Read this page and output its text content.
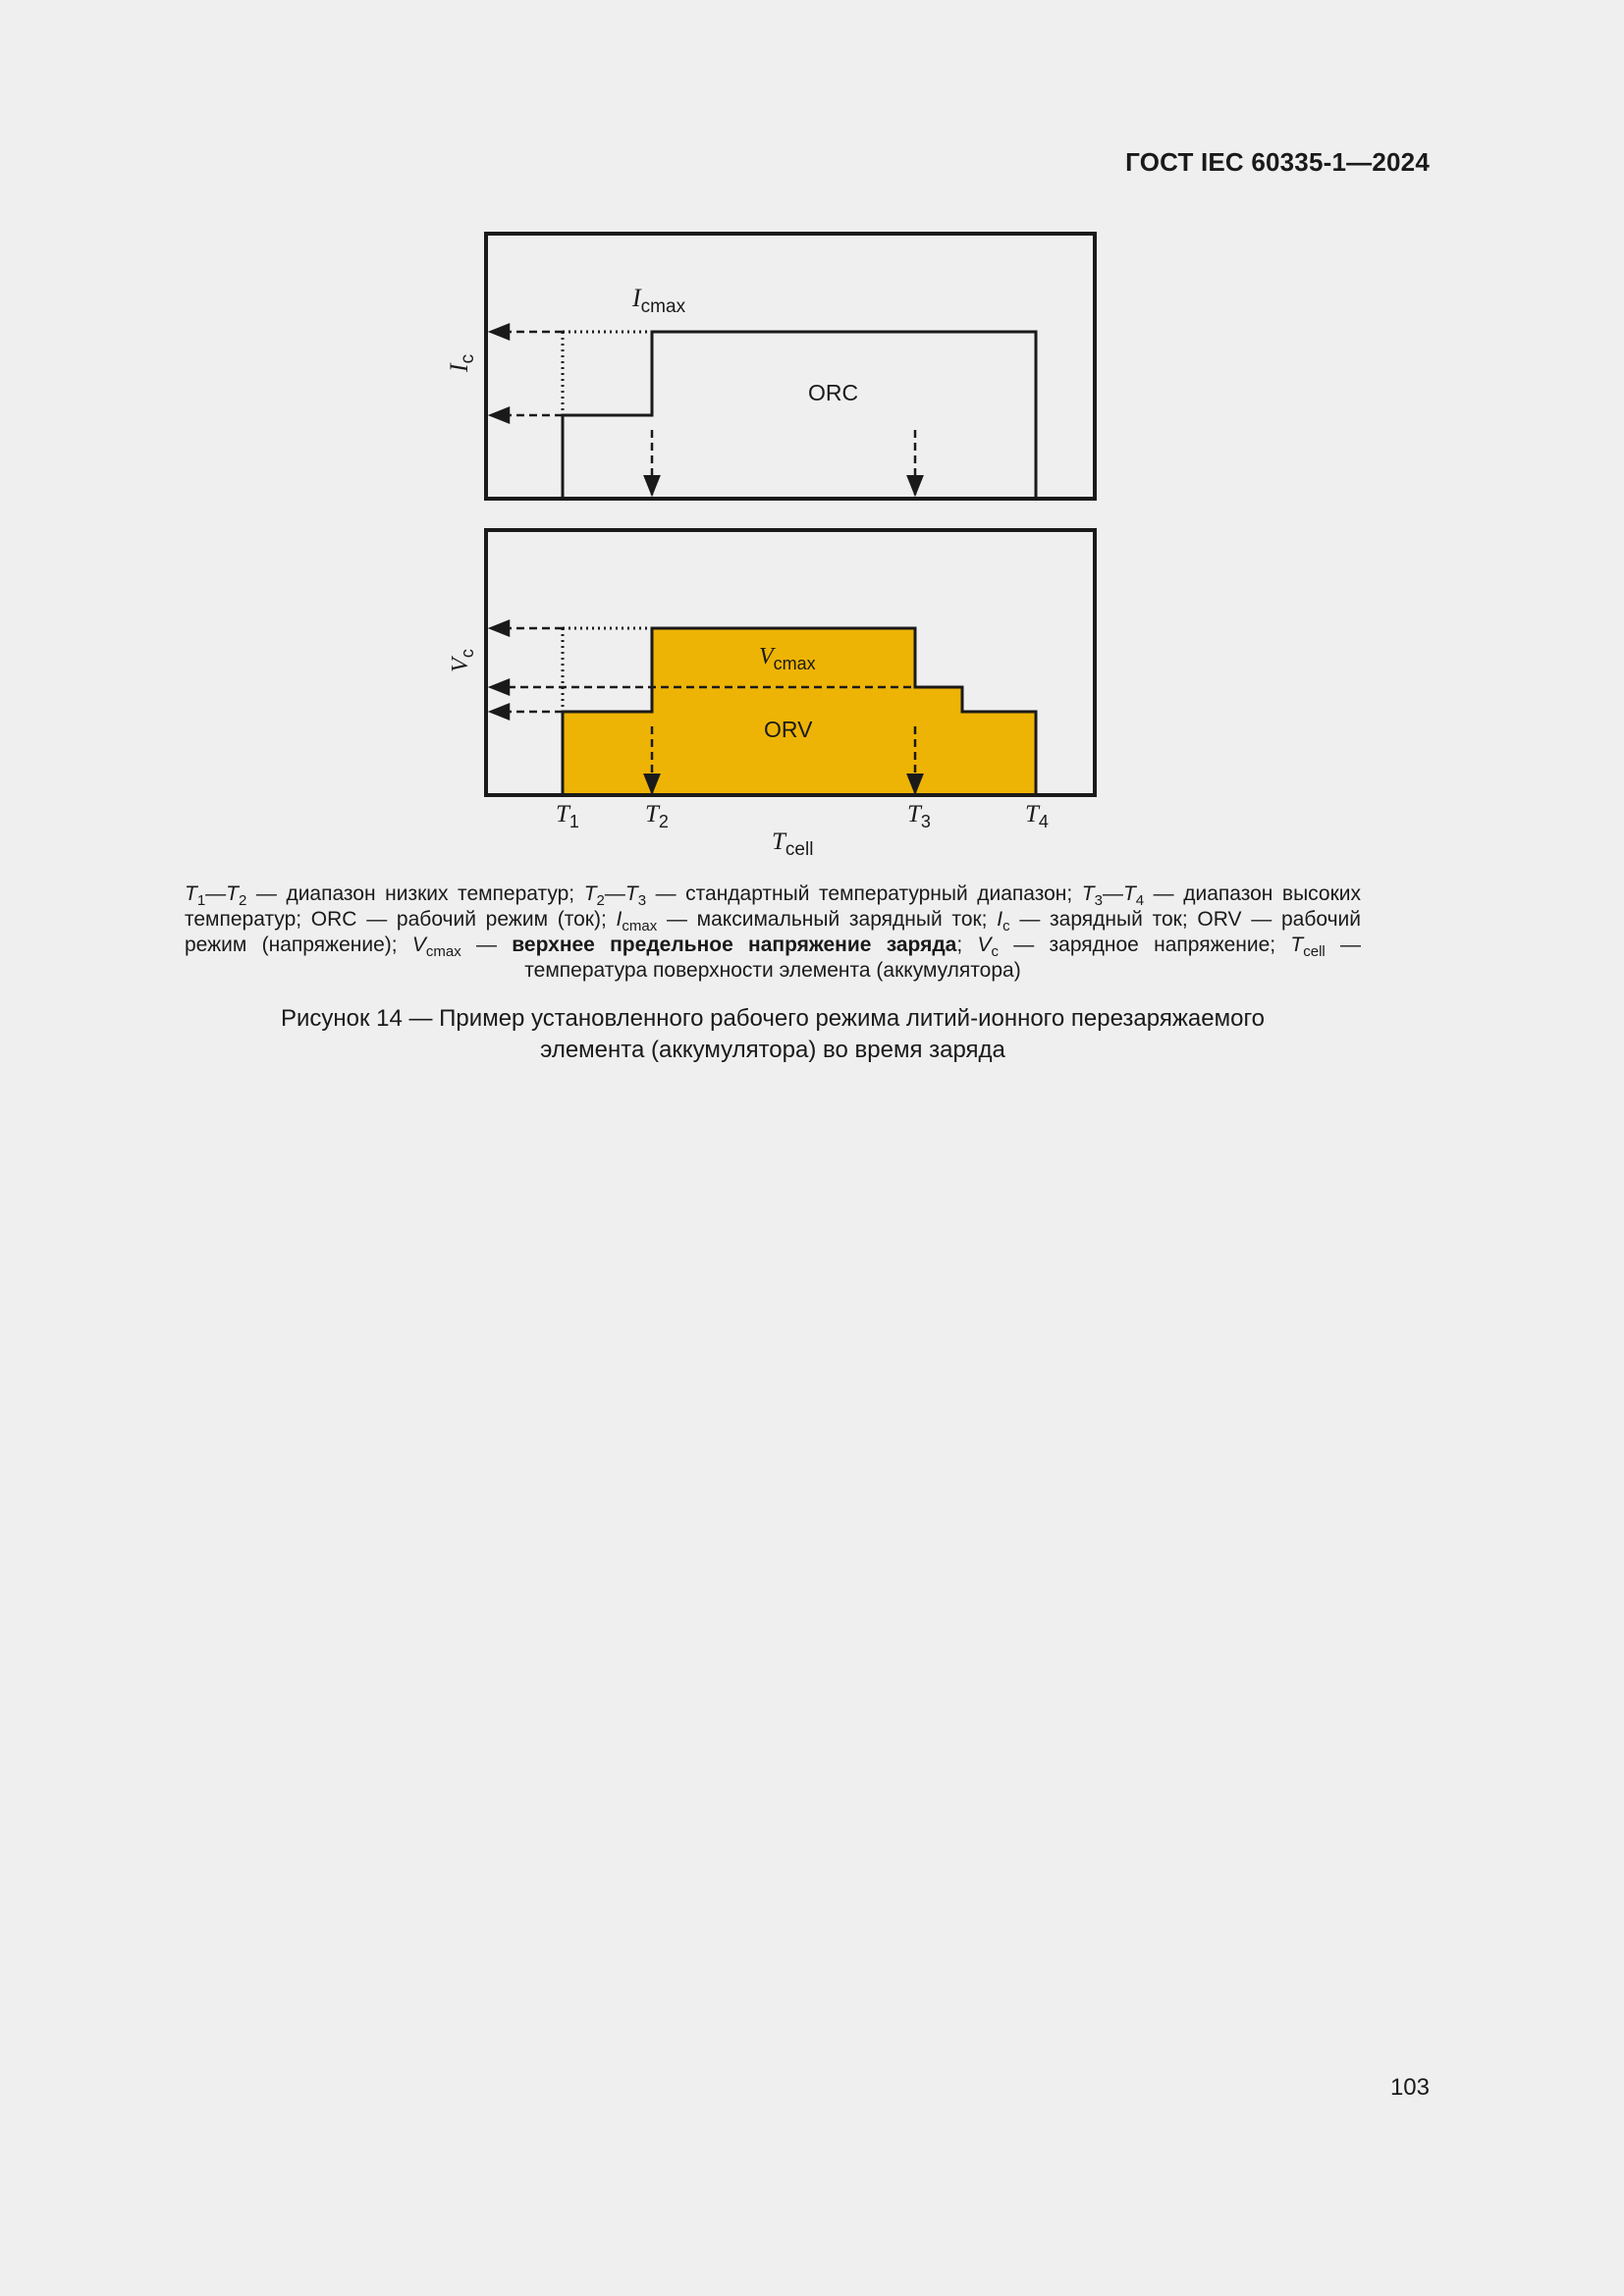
ГОСТ IEC 60335-1—2024
$I_{cmax}$
ORC
$I_c$
$V_{cmax}$
ORV
$V_c$
$T_1$	$T_2$	$T_3$	$T_4$
$T_{cell}$
$T_1—T_2$ — диапазон низких температур; $T_2—T_3$ — стандартный температурный диапазон; $T_3—T_4$ — диапазон высоких температур; ORC — рабочий режим (ток); $I_{cmax}$ — максимальный зарядный ток; $I_c$ — зарядный ток; ORV — рабочий режим (напряжение); $V_{cmax}$ — верхнее предельное напряжение заряда; $V_c$ — зарядное напряжение; $T_{cell}$ — температура поверхности элемента (аккумулятора)
Рисунок 14 — Пример установленного рабочего режима литий-ионного перезаряжаемого
элемента (аккумулятора) во время заряда
103
